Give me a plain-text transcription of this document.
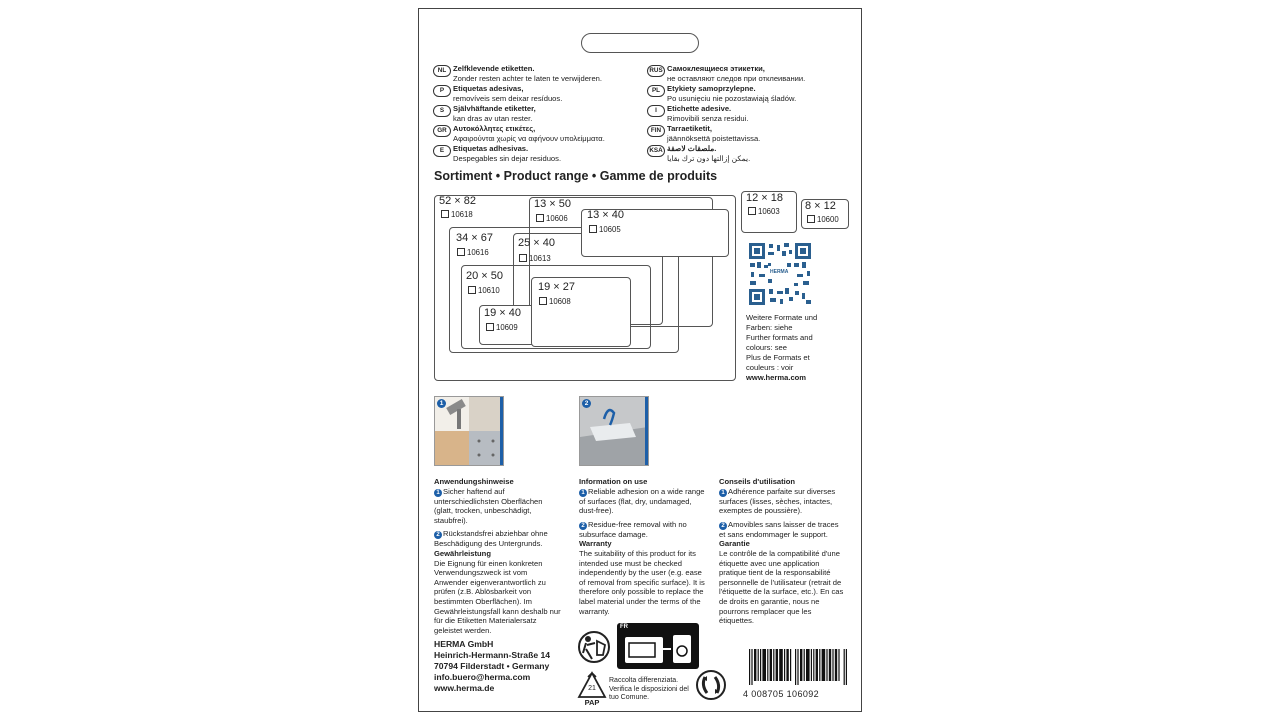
NL Zelfklevende etiketten.
Zonder resten achter te laten te verwijderen.
P	Etiquetas adesivas,
removíveis sem deixar resíduos.
S	Självhäftande etiketter,
kan dras av utan rester.
GR Αυτοκόλλητες ετικέτες,
Αφαιρούνται χωρίς να αφήνουν υπολείμματα.
E	Etiquetas adhesivas.
Despegables sin dejar residuos.
RUS Самоклеящиеся этикетки,
не оставляют следов при отклеивании.
PL Etykiety samoprzylepne.
Po usunięciu nie pozostawiają śladów.
I	Etichette adesive.
Rimovibili senza residui.
FIN Tarraetiketit,
jäännöksettä poistettavissa.
KSA ملصقات لاصقة.
يمكن إزالتها دون ترك بقايا.
Sortiment • Product range • Gamme de produits
52 × 82
10618
13 × 50
10606 13 × 40
10605
34 × 67
10616
25 × 40
10613
20 × 50
10610	19 × 27
10608
19 × 40
10609
12 × 18
10603 8 × 12
10600
HERMA
Weitere Formate und Farben: siehe
Further formats and colours: see
Plus de Formats et couleurs : voir
www.herma.com
1	2
Anwendungshinweise

1 Sicher haftend auf unterschiedlichsten Oberflächen (glatt, trocken, unbeschädigt, staubfrei).

2 Rückstandsfrei abziehbar ohne Beschädigung des Untergrunds.

Gewährleistung

Die Eignung für einen konkreten Verwendungszweck ist vom Anwender eigenverantwortlich zu prüfen (z.B. Ablösbarkeit von bestimmten Oberflächen). Im Gewährleistungsfall kann deshalb nur für die Etiketten Materialersatz geleistet werden.

Information on use

1 Reliable adhesion on a wide range of surfaces (flat, dry, undamaged, dust-free).

2 Residue-free removal with no subsurface damage.

Warranty

The suitability of this product for its intended use must be checked independently by the user (e.g. ease of removal from specific surface). It is therefore only possible to replace the label material under the terms of the warranty.

Conseils d'utilisation

1 Adhérence parfaite sur diverses surfaces (lisses, sèches, intactes, exemptes de poussière).

2 Amovibles sans laisser de traces et sans endommager le support.

Garantie

Le contrôle de la compatibilité d'une étiquette avec une application pratique tient de la responsabilité personnelle de l'utilisateur (retrait de l'étiquette de la surface, etc.). En cas de droits en garantie, nous ne pourrons remplacer que les étiquettes.

HERMA GmbH
Heinrich-Hermann-Straße 14
70794 Filderstadt • Germany
info.buero@herma.com
www.herma.de
FR
21
PAP
Raccolta differenziata. Verifica le disposizioni del tuo Comune.	4 008705 106092
